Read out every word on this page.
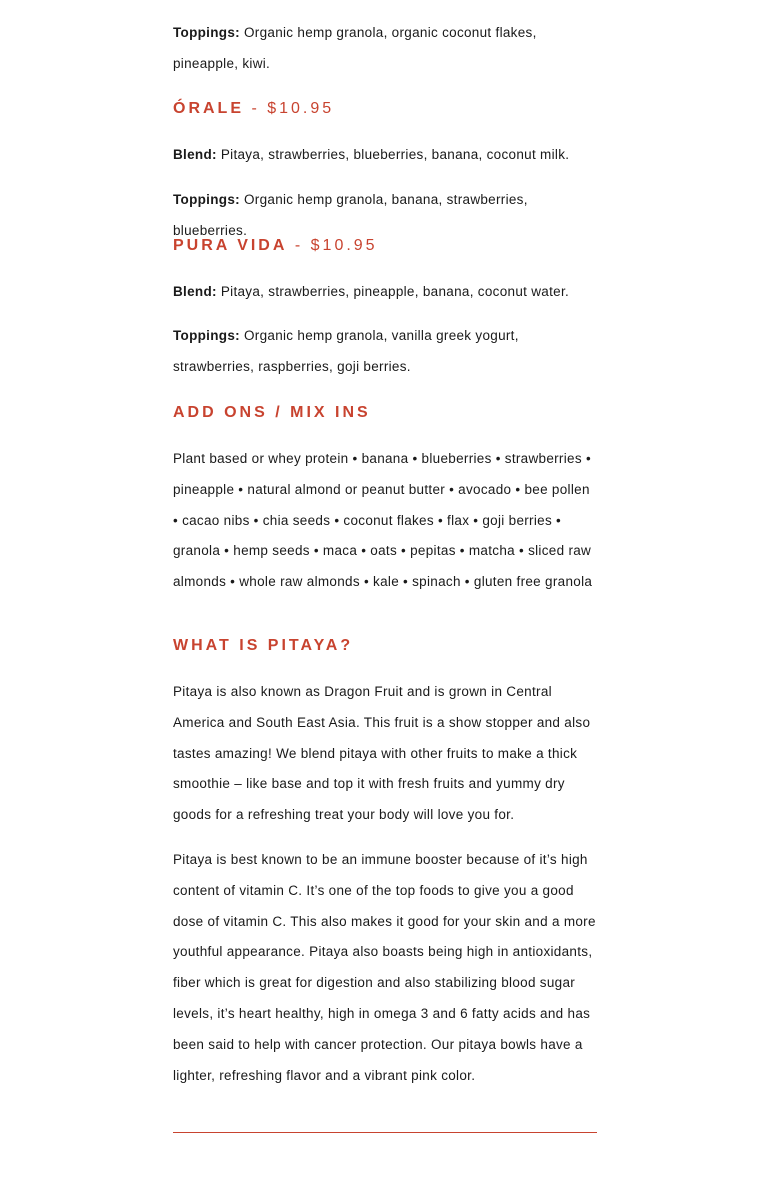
Toppings: Organic hemp granola, organic coconut flakes, pineapple, kiwi.

ÓRALE - $10.95

Blend: Pitaya, strawberries, blueberries, banana, coconut milk.

Toppings: Organic hemp granola, banana, strawberries, blueberries.

PURA VIDA - $10.95

Blend: Pitaya, strawberries, pineapple, banana, coconut water.

Toppings: Organic hemp granola, vanilla greek yogurt, strawberries, raspberries, goji berries.

ADD ONS / MIX INS

Plant based or whey protein • banana • blueberries • strawberries • pineapple • natural almond or peanut butter • avocado • bee pollen • cacao nibs • chia seeds • coconut flakes • flax • goji berries • granola • hemp seeds • maca • oats • pepitas • matcha • sliced raw almonds • whole raw almonds • kale • spinach • gluten free granola

WHAT IS PITAYA?

Pitaya is also known as Dragon Fruit and is grown in Central America and South East Asia. This fruit is a show stopper and also tastes amazing! We blend pitaya with other fruits to make a thick smoothie – like base and top it with fresh fruits and yummy dry goods for a refreshing treat your body will love you for.

Pitaya is best known to be an immune booster because of it’s high content of vitamin C. It’s one of the top foods to give you a good dose of vitamin C. This also makes it good for your skin and a more youthful appearance. Pitaya also boasts being high in antioxidants, fiber which is great for digestion and also stabilizing blood sugar levels, it’s heart healthy, high in omega 3 and 6 fatty acids and has been said to help with cancer protection. Our pitaya bowls have a lighter, refreshing flavor and a vibrant pink color.
